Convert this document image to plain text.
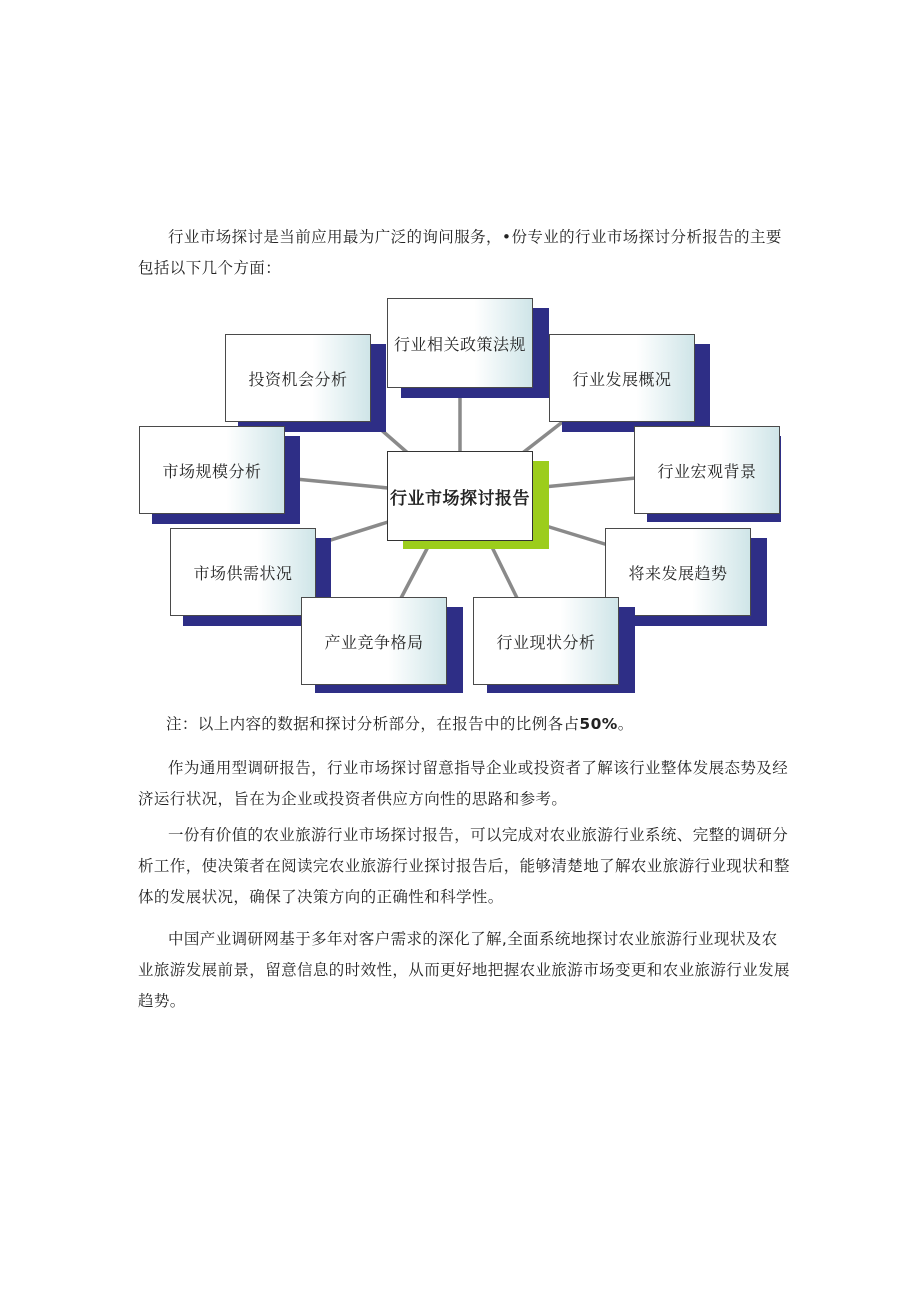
行业市场探讨是当前应用最为广泛的询问服务，•份专业的行业市场探讨分析报告的主要包括以下几个方面：

行业市场探讨报告
行业相关政策法规
投资机会分析	行业发展概况
市场规模分析	行业宏观背景
市场供需状况	将来发展趋势
产业竞争格局	行业现状分析

注：以上内容的数据和探讨分析部分，在报告中的比例各占50%。

作为通用型调研报告，行业市场探讨留意指导企业或投资者了解该行业整体发展态势及经济运行状况，旨在为企业或投资者供应方向性的思路和参考。

一份有价值的农业旅游行业市场探讨报告，可以完成对农业旅游行业系统、完整的调研分析工作，使决策者在阅读完农业旅游行业探讨报告后，能够清楚地了解农业旅游行业现状和整体的发展状况，确保了决策方向的正确性和科学性。

中国产业调研网基于多年对客户需求的深化了解,全面系统地探讨农业旅游行业现状及农业旅游发展前景，留意信息的时效性，从而更好地把握农业旅游市场变更和农业旅游行业发展趋势。
